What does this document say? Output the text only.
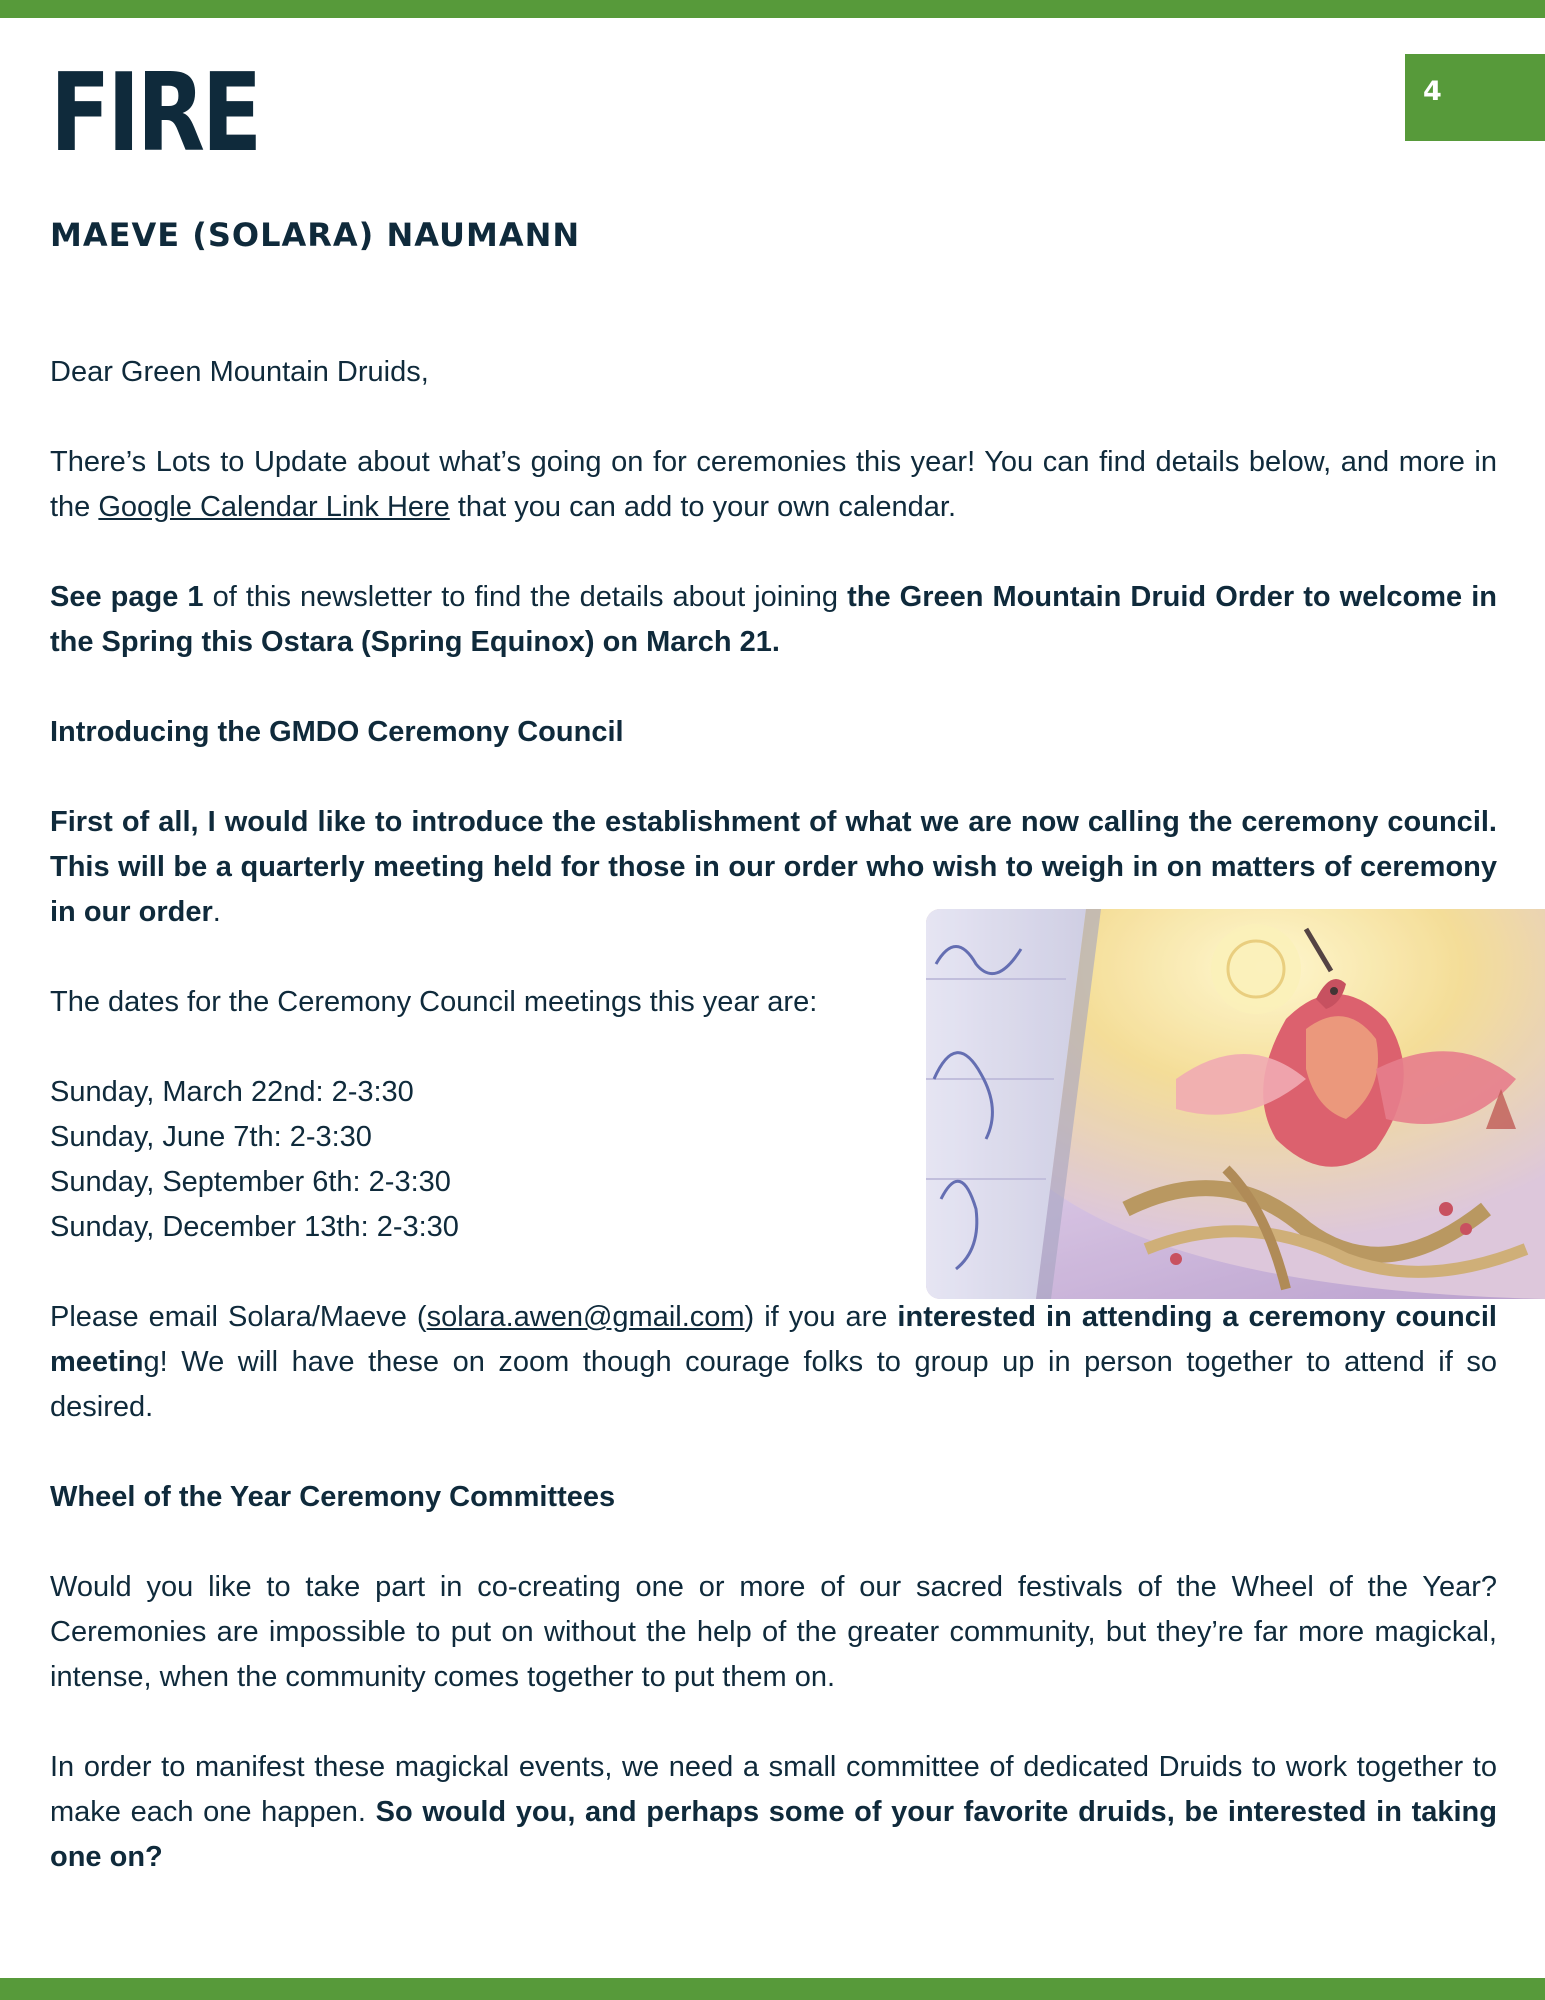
4
FIRE
MAEVE (SOLARA) NAUMANN

Dear Green Mountain Druids,

There’s Lots to Update about what’s going on for ceremonies this year! You can find details below, and more in the Google Calendar Link Here that you can add to your own calendar.

See page 1 of this newsletter to find the details about joining the Green Mountain Druid Order to welcome in the Spring this Ostara (Spring Equinox) on March 21.

Introducing the GMDO Ceremony Council

First of all, I would like to introduce the establishment of what we are now calling the ceremony council. This will be a quarterly meeting held for those in our order who wish to weigh in on matters of ceremony in our order.

The dates for the Ceremony Council meetings this year are:

Sunday, March 22nd: 2-3:30

Sunday, June 7th: 2-3:30

Sunday, September 6th: 2-3:30

Sunday, December 13th: 2-3:30

Please email Solara/Maeve (solara.awen@gmail.com) if you are interested in attending a ceremony council meeting! We will have these on zoom though courage folks to group up in person together to attend if so desired.

Wheel of the Year Ceremony Committees

Would you like to take part in co-creating one or more of our sacred festivals of the Wheel of the Year? Ceremonies are impossible to put on without the help of the greater community, but they’re far more magickal, intense, when the community comes together to put them on.

In order to manifest these magickal events, we need a small committee of dedicated Druids to work together to make each one happen. So would you, and perhaps some of your favorite druids, be interested in taking one on?
